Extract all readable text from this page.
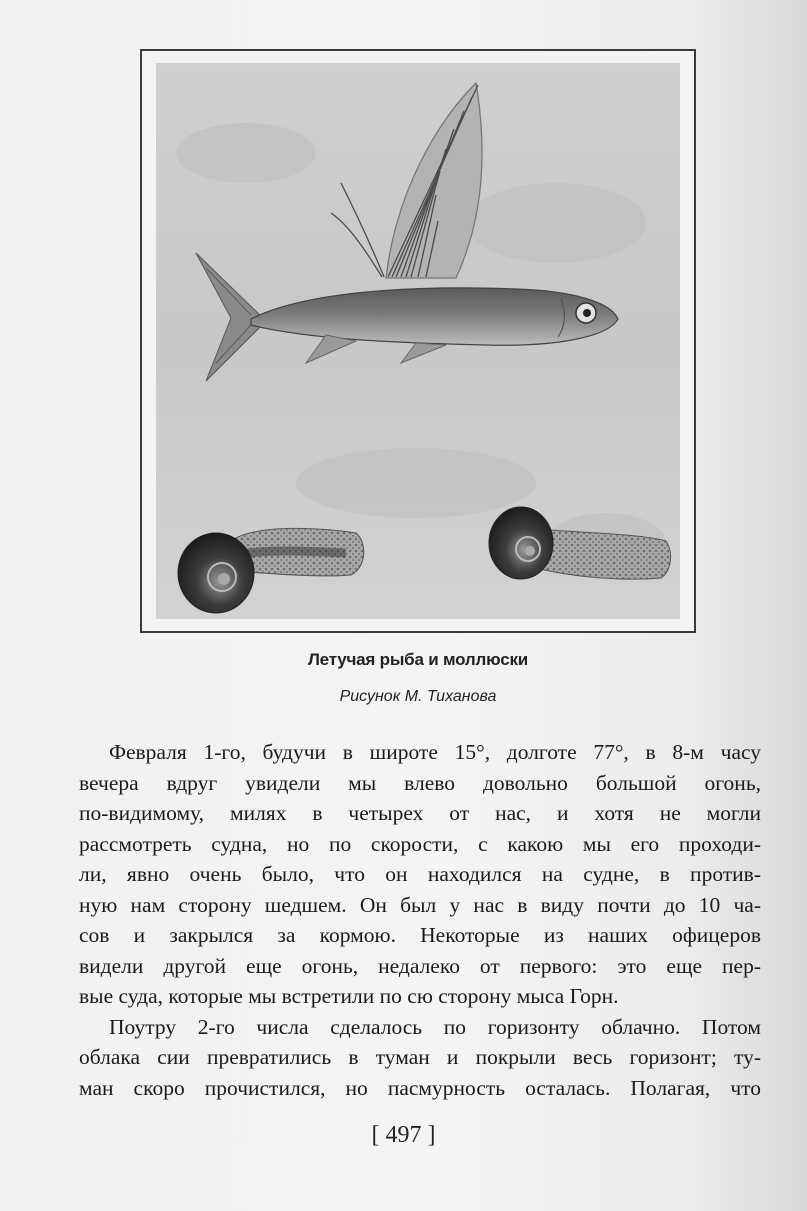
Летучая рыба и моллюски
Рисунок М. Тиханова

Февраля 1-го, будучи в широте 15°, долготе 77°, в 8-м часу
вечера вдруг увидели мы влево довольно большой огонь,
по-видимому, милях в четырех от нас, и хотя не могли
рассмотреть судна, но по скорости, с какою мы его проходи-
ли, явно очень было, что он находился на судне, в против-
ную нам сторону шедшем. Он был у нас в виду почти до 10 ча-
сов и закрылся за кормою. Некоторые из наших офицеров
видели другой еще огонь, недалеко от первого: это еще пер-
вые суда, которые мы встретили по сю сторону мыса Горн.

Поутру 2-го числа сделалось по горизонту облачно. Потом
облака сии превратились в туман и покрыли весь горизонт; ту-
ман скоро прочистился, но пасмурность осталась. Полагая, что

[ 497 ]
